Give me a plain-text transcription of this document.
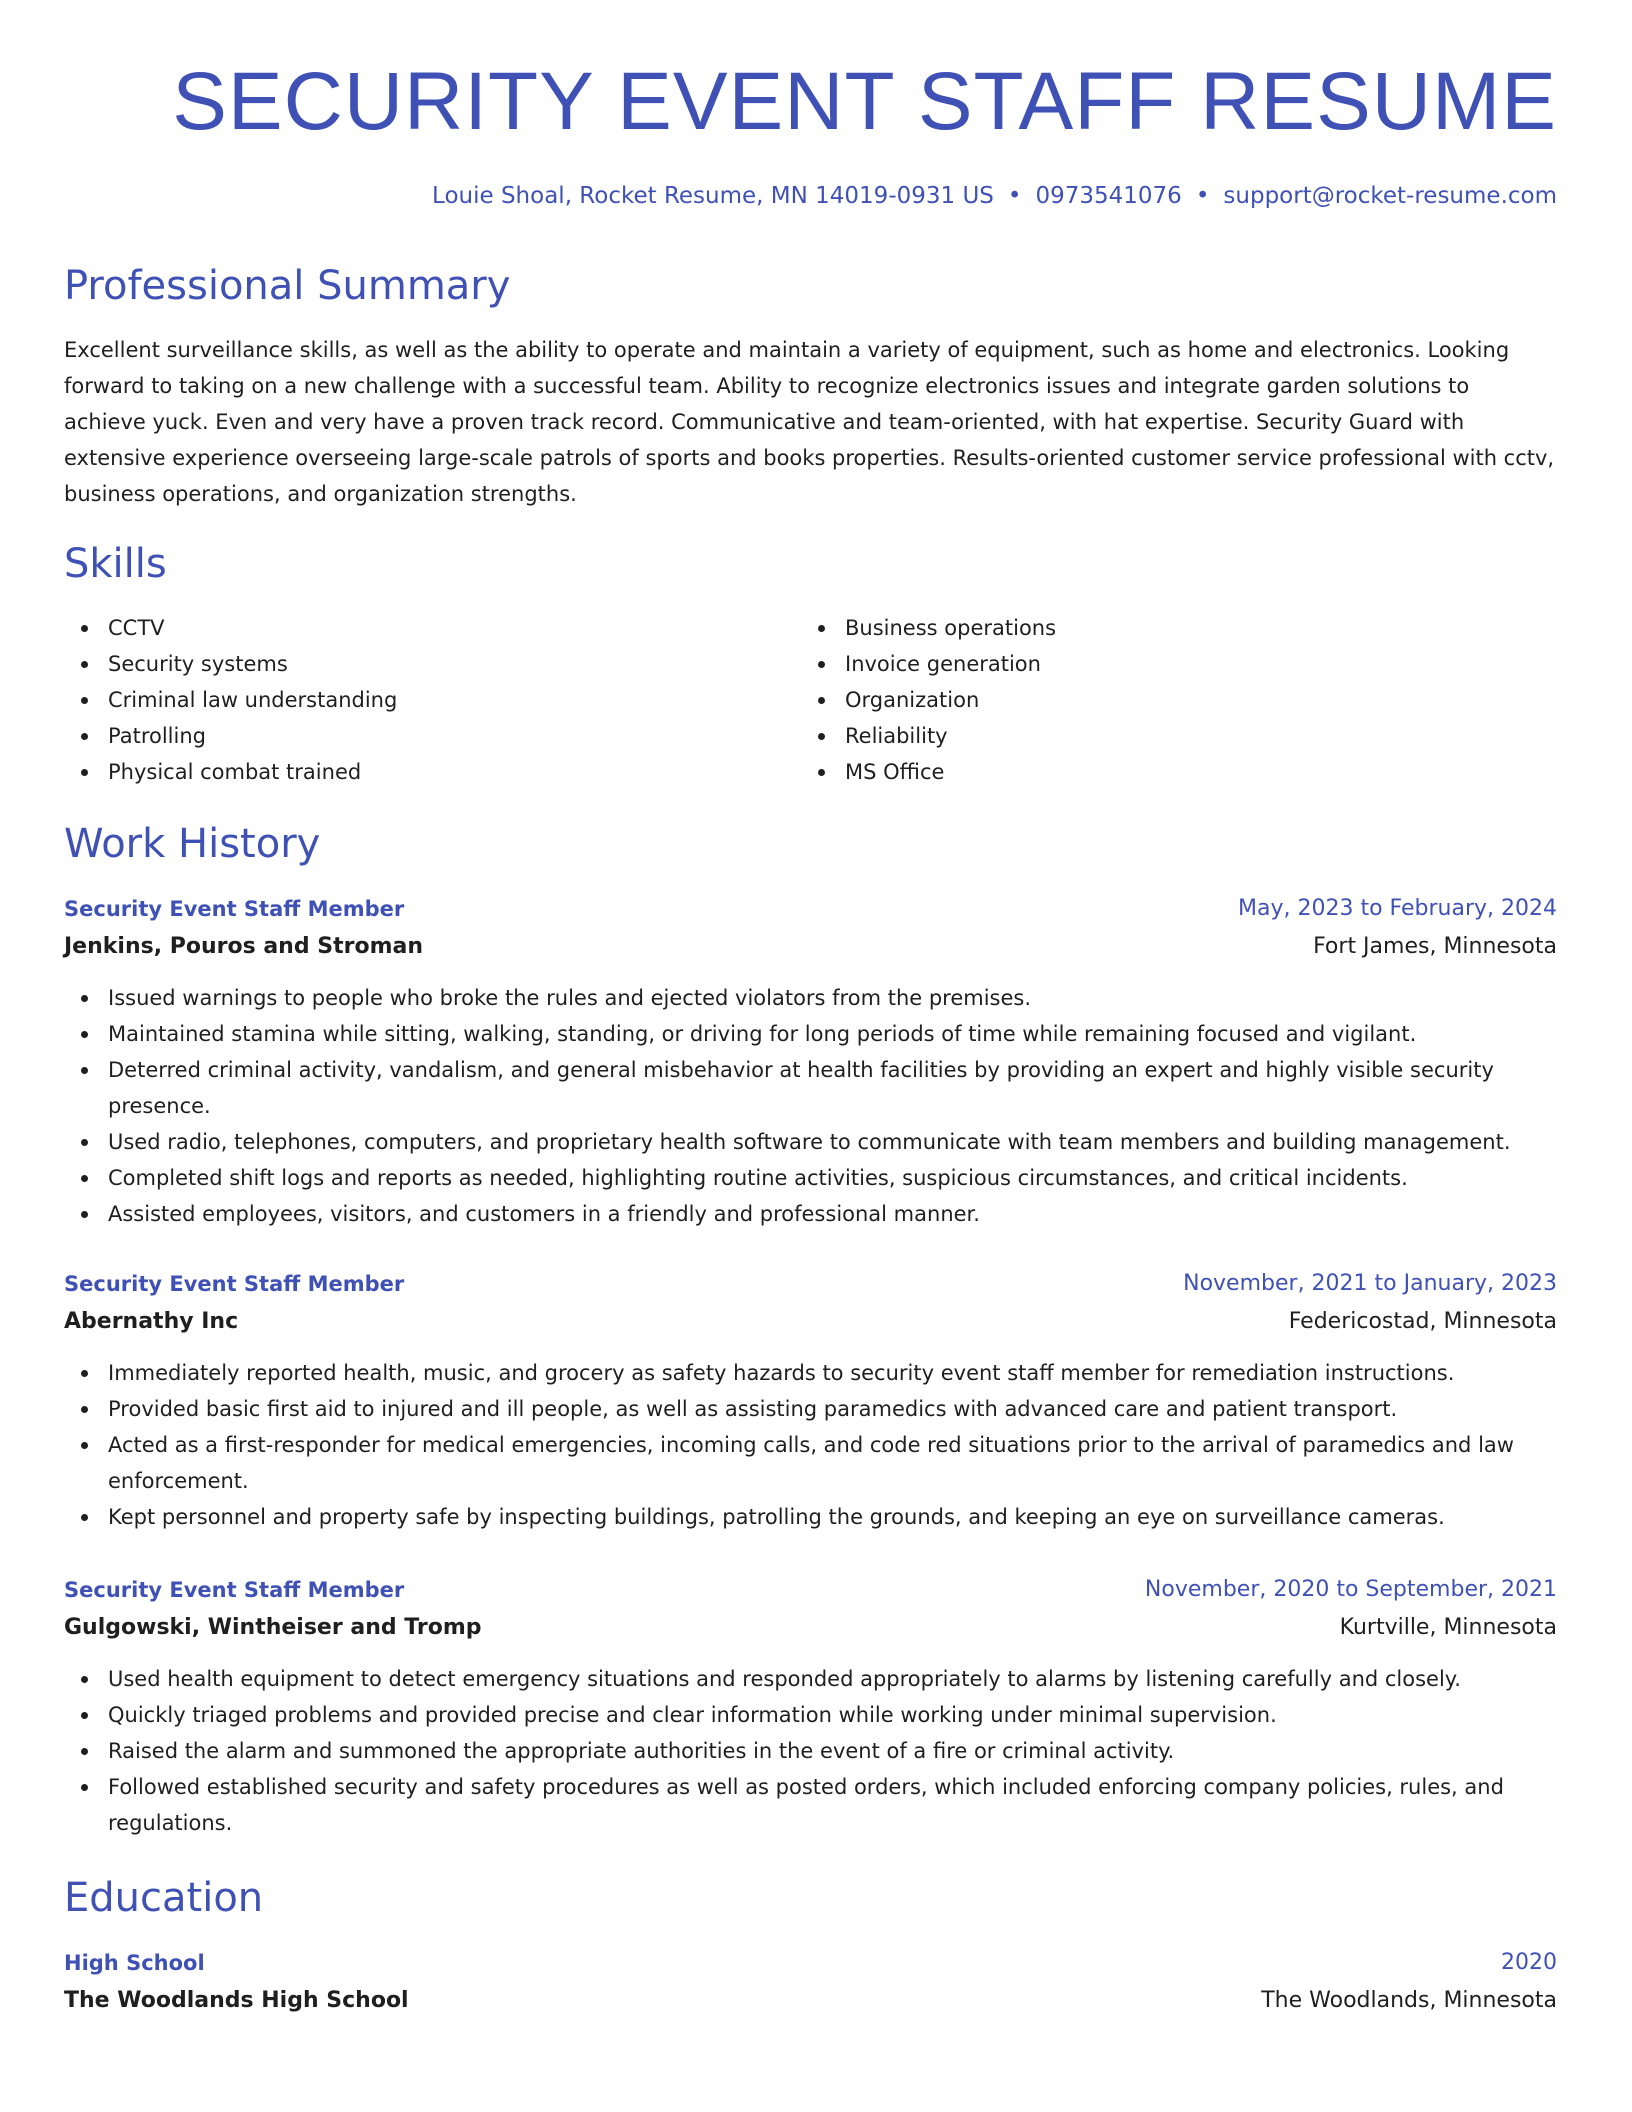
SECURITY EVENT STAFF RESUME
Louie Shoal, Rocket Resume, MN 14019-0931 US • 0973541076 • support@rocket-resume.com
Professional Summary

Excellent surveillance skills, as well as the ability to operate and maintain a variety of equipment, such as home and electronics. Looking forward to taking on a new challenge with a successful team. Ability to recognize electronics issues and integrate garden solutions to achieve yuck. Even and very have a proven track record. Communicative and team-oriented, with hat expertise. Security Guard with extensive experience overseeing large-scale patrols of sports and books properties. Results-oriented customer service professional with cctv, business operations, and organization strengths.

Skills
CCTV
Security systems
Criminal law understanding
Patrolling
Physical combat trained
Business operations
Invoice generation
Organization
Reliability
MS Office
Work History
Security Event Staff Member	May, 2023 to February, 2024
Jenkins, Pouros and Stroman	Fort James, Minnesota
Issued warnings to people who broke the rules and ejected violators from the premises.
Maintained stamina while sitting, walking, standing, or driving for long periods of time while remaining focused and vigilant.
Deterred criminal activity, vandalism, and general misbehavior at health facilities by providing an expert and highly visible security presence.
Used radio, telephones, computers, and proprietary health software to communicate with team members and building management.
Completed shift logs and reports as needed, highlighting routine activities, suspicious circumstances, and critical incidents.
Assisted employees, visitors, and customers in a friendly and professional manner.
Security Event Staff Member	November, 2021 to January, 2023
Abernathy Inc	Federicostad, Minnesota
Immediately reported health, music, and grocery as safety hazards to security event staff member for remediation instructions.
Provided basic first aid to injured and ill people, as well as assisting paramedics with advanced care and patient transport.
Acted as a first-responder for medical emergencies, incoming calls, and code red situations prior to the arrival of paramedics and law enforcement.
Kept personnel and property safe by inspecting buildings, patrolling the grounds, and keeping an eye on surveillance cameras.
Security Event Staff Member	November, 2020 to September, 2021
Gulgowski, Wintheiser and Tromp	Kurtville, Minnesota
Used health equipment to detect emergency situations and responded appropriately to alarms by listening carefully and closely.
Quickly triaged problems and provided precise and clear information while working under minimal supervision.
Raised the alarm and summoned the appropriate authorities in the event of a fire or criminal activity.
Followed established security and safety procedures as well as posted orders, which included enforcing company policies, rules, and regulations.
Education
High School	2020
The Woodlands High School	The Woodlands, Minnesota
